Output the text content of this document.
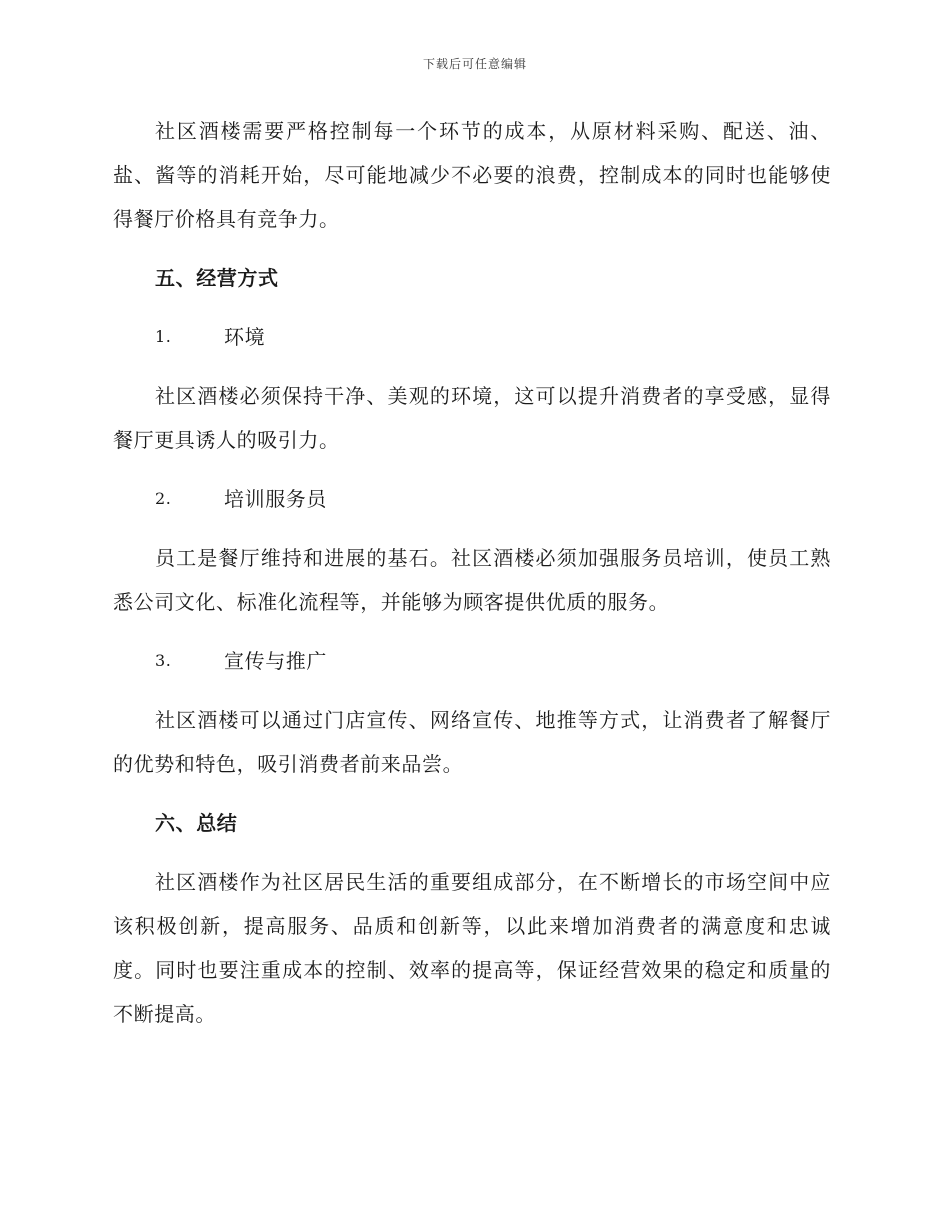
下载后可任意编辑

社区酒楼需要严格控制每一个环节的成本，从原材料采购、配送、油、盐、酱等的消耗开始，尽可能地减少不必要的浪费，控制成本的同时也能够使得餐厅价格具有竞争力。

五、经营方式
1.	环境

社区酒楼必须保持干净、美观的环境，这可以提升消费者的享受感，显得餐厅更具诱人的吸引力。

2.	培训服务员

员工是餐厅维持和进展的基石。社区酒楼必须加强服务员培训，使员工熟悉公司文化、标准化流程等，并能够为顾客提供优质的服务。

3.	宣传与推广

社区酒楼可以通过门店宣传、网络宣传、地推等方式，让消费者了解餐厅的优势和特色，吸引消费者前来品尝。

六、总结

社区酒楼作为社区居民生活的重要组成部分，在不断增长的市场空间中应该积极创新，提高服务、品质和创新等，以此来增加消费者的满意度和忠诚度。同时也要注重成本的控制、效率的提高等，保证经营效果的稳定和质量的不断提高。
